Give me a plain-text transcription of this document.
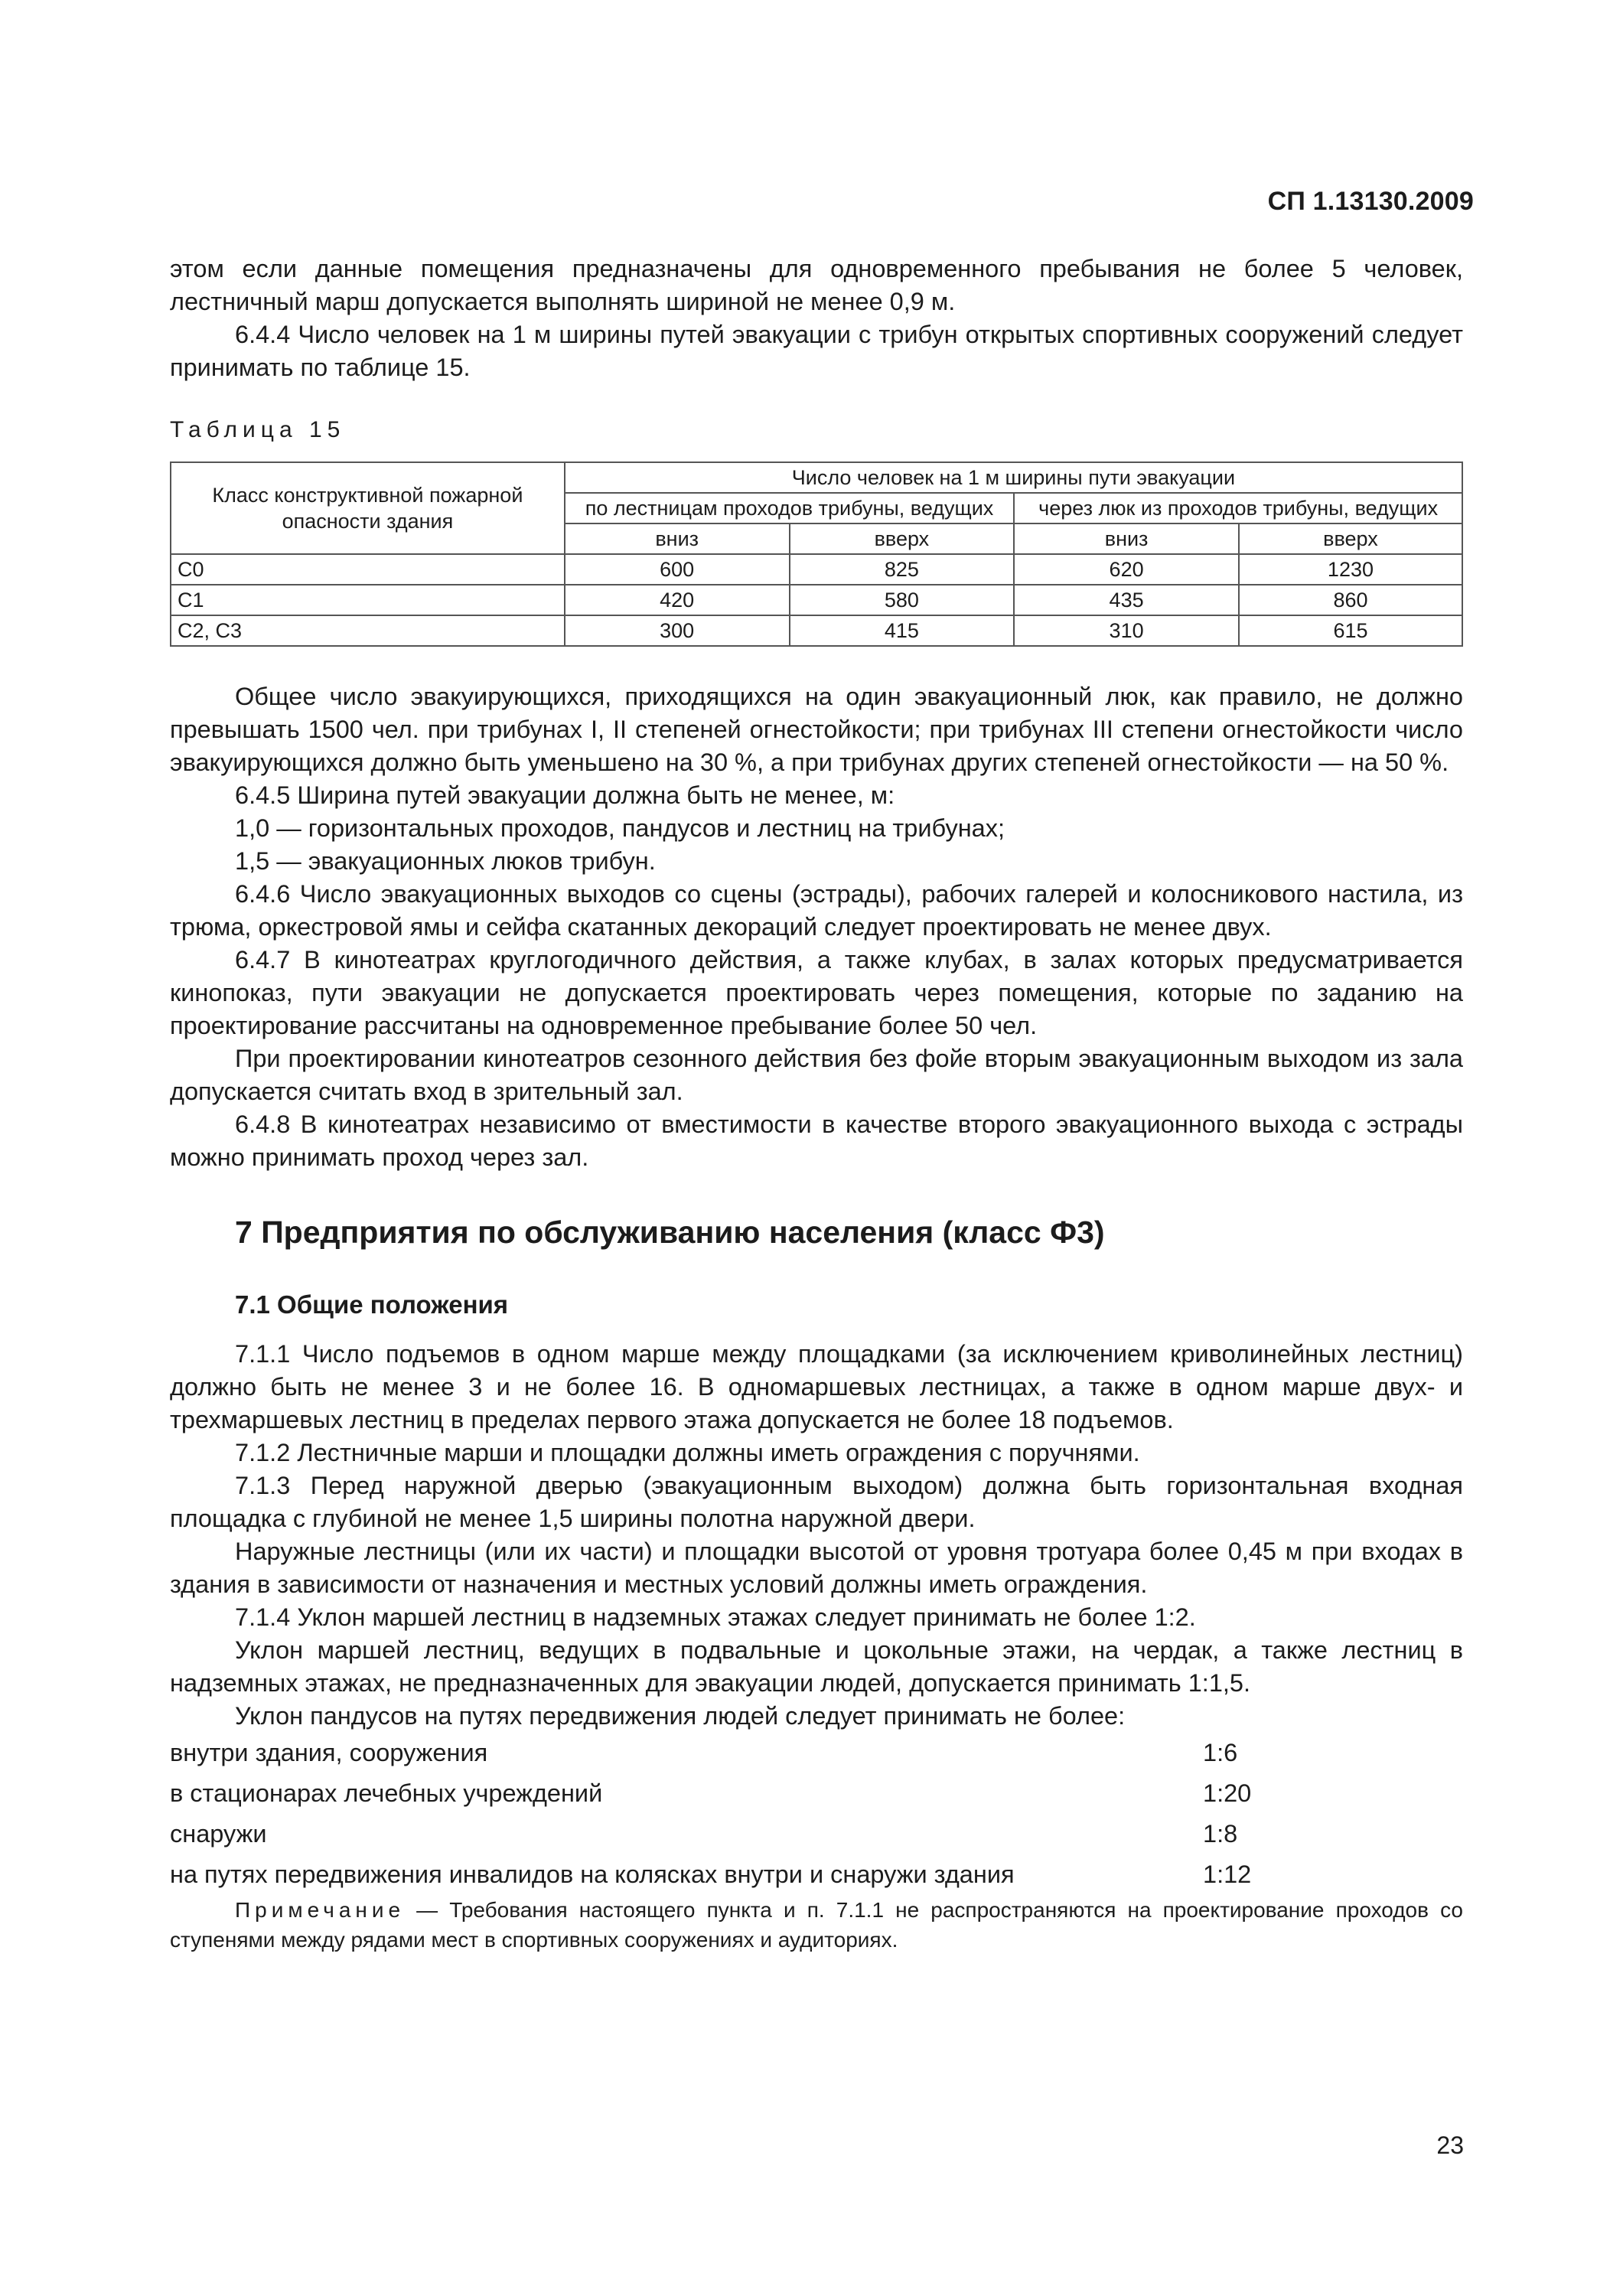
СП 1.13130.2009

этом если данные помещения предназначены для одновременного пребывания не более 5 человек, лестничный марш допускается выполнять шириной не менее 0,9 м.

6.4.4 Число человек на 1 м ширины путей эвакуации с трибун открытых спортивных сооружений следует принимать по таблице 15.

Таблица 15
Класс конструктивной пожарной опасности здания	Число человек на 1 м ширины пути эвакуации			
	по лестницам проходов трибуны, ведущих		через люк из проходов трибуны, ведущих	
	вниз	вверх	вниз	вверх
С0	600	825	620	1230
С1	420	580	435	860
С2, С3	300	415	310	615

Общее число эвакуирующихся, приходящихся на один эвакуационный люк, как правило, не должно превышать 1500 чел. при трибунах I, II степеней огнестойкости; при трибунах III степени огнестойкости число эвакуирующихся должно быть уменьшено на 30 %, а при трибунах других степеней огнестойкости — на 50 %.

6.4.5 Ширина путей эвакуации должна быть не менее, м:

1,0 — горизонтальных проходов, пандусов и лестниц на трибунах;

1,5 — эвакуационных люков трибун.

6.4.6 Число эвакуационных выходов со сцены (эстрады), рабочих галерей и колосникового настила, из трюма, оркестровой ямы и сейфа скатанных декораций следует проектировать не менее двух.

6.4.7 В кинотеатрах круглогодичного действия, а также клубах, в залах которых предусматривается кинопоказ, пути эвакуации не допускается проектировать через помещения, которые по заданию на проектирование рассчитаны на одновременное пребывание более 50 чел.

При проектировании кинотеатров сезонного действия без фойе вторым эвакуационным выходом из зала допускается считать вход в зрительный зал.

6.4.8 В кинотеатрах независимо от вместимости в качестве второго эвакуационного выхода с эстрады можно принимать проход через зал.

7 Предприятия по обслуживанию населения (класс Ф3)
7.1 Общие положения

7.1.1 Число подъемов в одном марше между площадками (за исключением криволинейных лестниц) должно быть не менее 3 и не более 16. В одномаршевых лестницах, а также в одном марше двух- и трехмаршевых лестниц в пределах первого этажа допускается не более 18 подъемов.

7.1.2 Лестничные марши и площадки должны иметь ограждения с поручнями.

7.1.3 Перед наружной дверью (эвакуационным выходом) должна быть горизонтальная входная площадка с глубиной не менее 1,5 ширины полотна наружной двери.

Наружные лестницы (или их части) и площадки высотой от уровня тротуара более 0,45 м при входах в здания в зависимости от назначения и местных условий должны иметь ограждения.

7.1.4 Уклон маршей лестниц в надземных этажах следует принимать не более 1:2.

Уклон маршей лестниц, ведущих в подвальные и цокольные этажи, на чердак, а также лестниц в надземных этажах, не предназначенных для эвакуации людей, допускается принимать 1:1,5.

Уклон пандусов на путях передвижения людей следует принимать не более:

внутри здания, сооружения	1:6
в стационарах лечебных учреждений	1:20
снаружи	1:8
на путях передвижения инвалидов на колясках внутри и снаружи здания	1:12

Примечание — Требования настоящего пункта и п. 7.1.1 не распространяются на проектирование проходов со ступенями между рядами мест в спортивных сооружениях и аудиториях.

23
